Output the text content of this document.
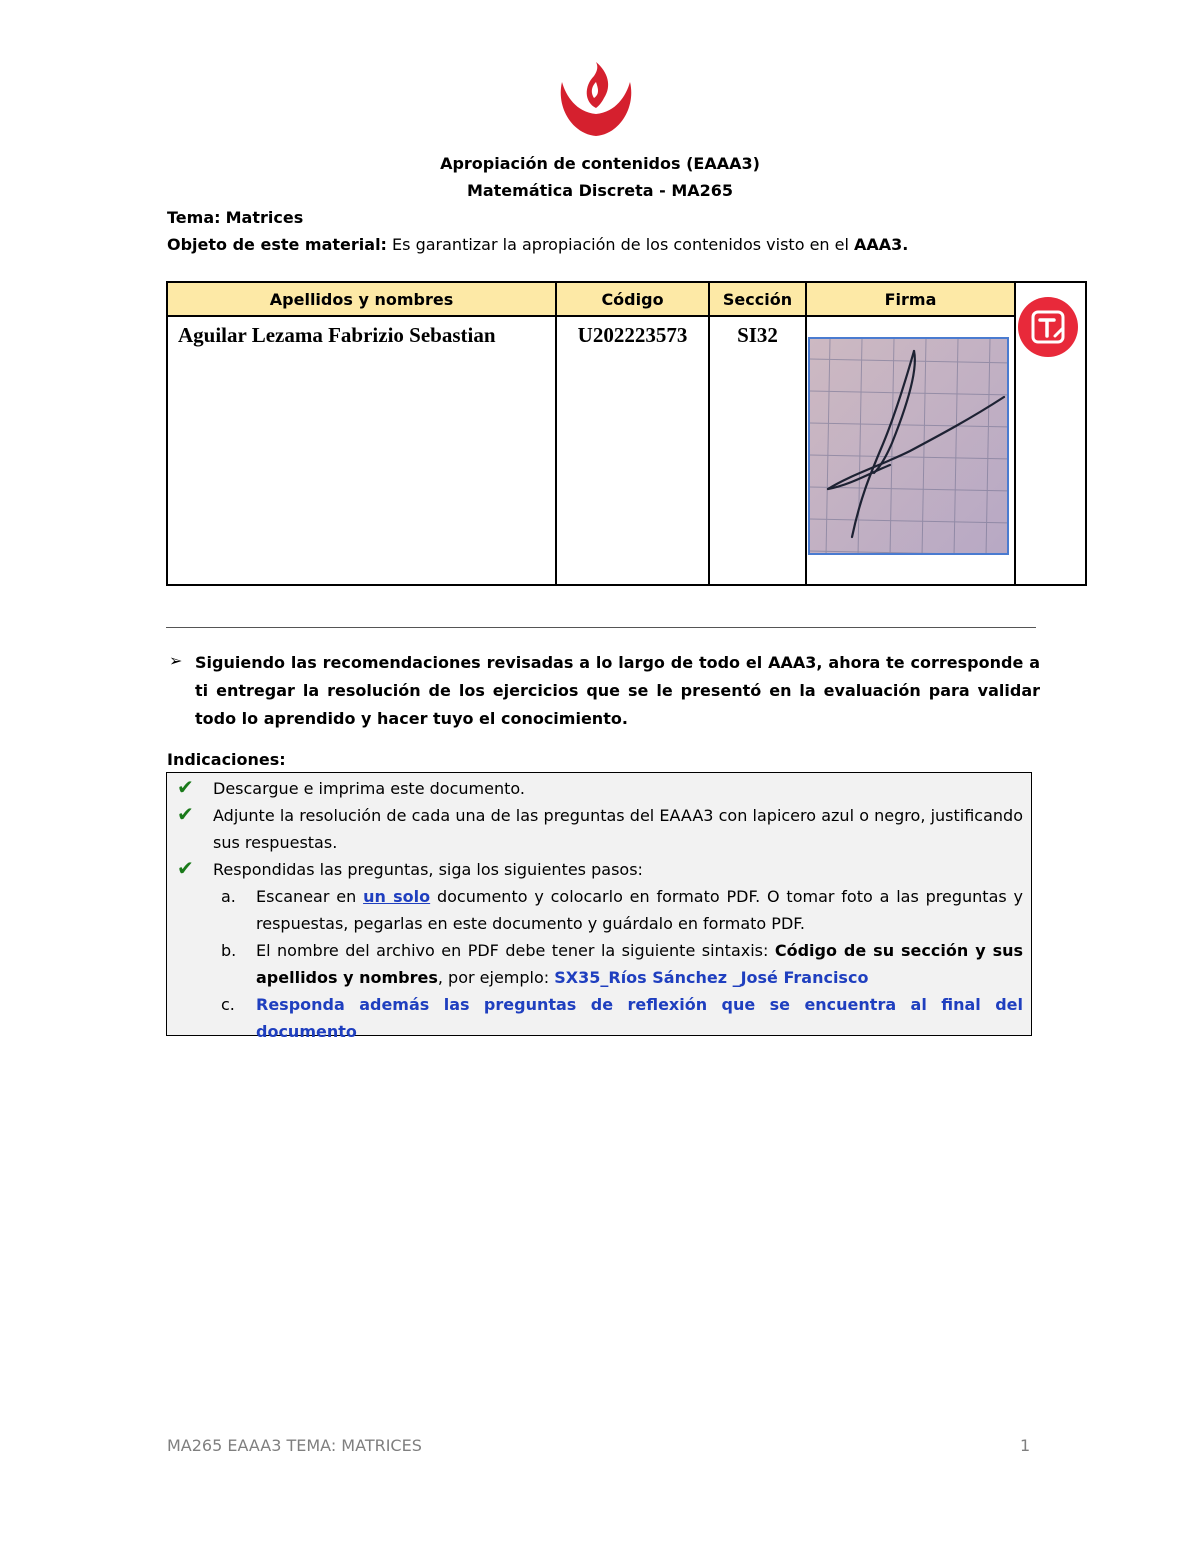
Apropiación de contenidos (EAAA3)
Matemática Discreta - MA265
Tema: Matrices
Objeto de este material: Es garantizar la apropiación de los contenidos visto en el AAA3.
Apellidos y nombres	Código	Sección	Firma	
Aguilar Lezama Fabrizio Sebastian	U202223573	SI32		
➢ Siguiendo las recomendaciones revisadas a lo largo de todo el AAA3, ahora te corresponde a ti entregar la resolución de los ejercicios que se le presentó en la evaluación para validar todo lo aprendido y hacer tuyo el conocimiento.
Indicaciones:
✔ Descargue e imprima este documento.
✔ Adjunte la resolución de cada una de las preguntas del EAAA3 con lapicero azul o negro, justificando sus respuestas.
✔ Respondidas las preguntas, siga los siguientes pasos:
a. Escanear en un solo documento y colocarlo en formato PDF. O tomar foto a las preguntas y respuestas, pegarlas en este documento y guárdalo en formato PDF.
b. El nombre del archivo en PDF debe tener la siguiente sintaxis: Código de su sección y sus apellidos y nombres, por ejemplo: SX35_Ríos Sánchez _José Francisco
c. Responda además las preguntas de reflexión que se encuentra al final del documento
MA265 EAAA3 TEMA: MATRICES	1
